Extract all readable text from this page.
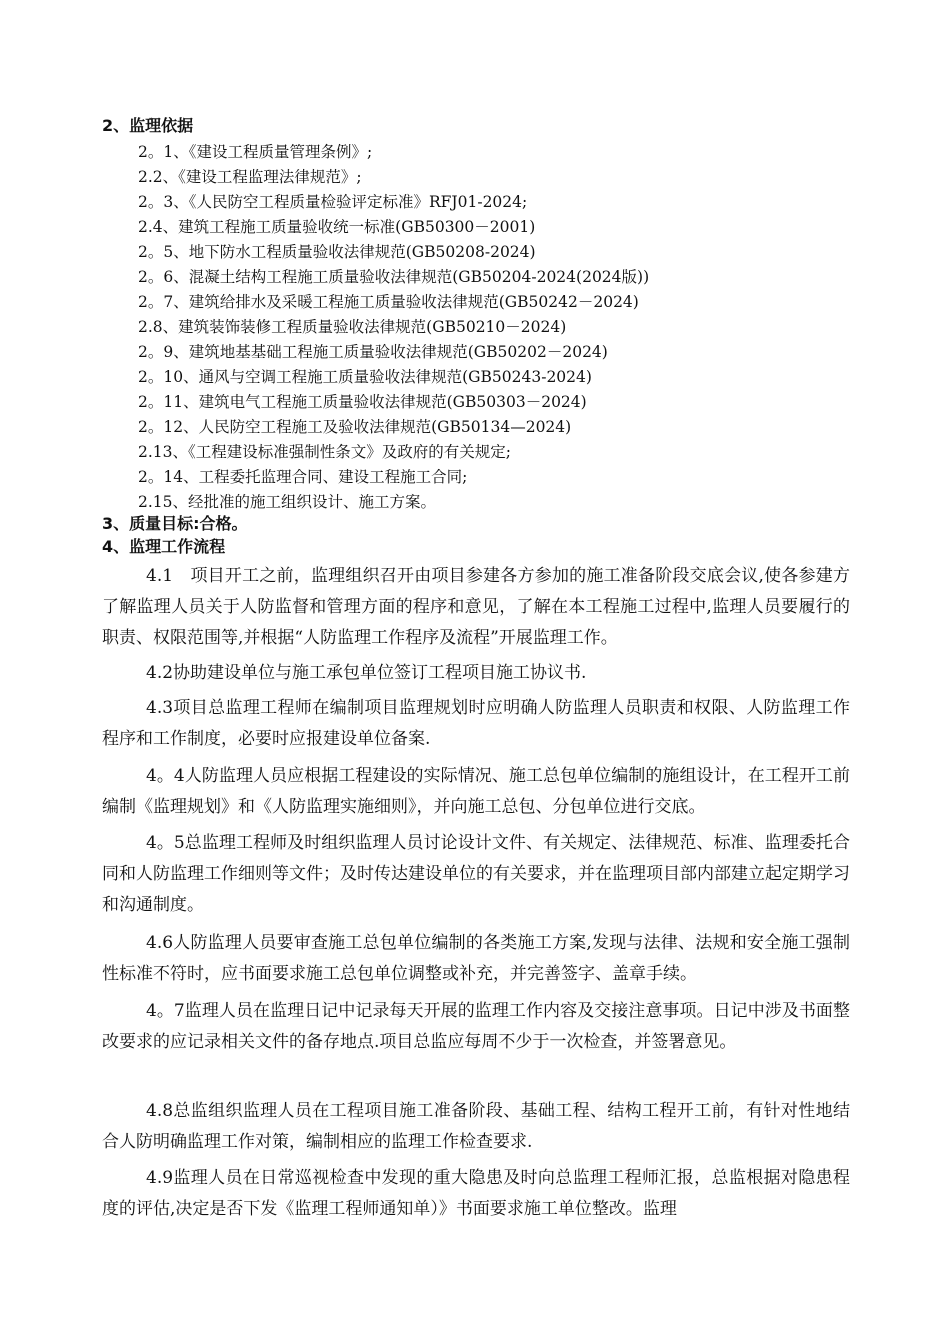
2、监理依据
2。1、《建设工程质量管理条例》;
2.2、《建设工程监理法律规范》;
2。3、《人民防空工程质量检验评定标准》RFJ01-2024;
2.4、建筑工程施工质量验收统一标准(GB50300－2001)
2。5、地下防水工程质量验收法律规范(GB50208-2024)
2。6、混凝土结构工程施工质量验收法律规范(GB50204-2024(2024版))
2。7、建筑给排水及采暖工程施工质量验收法律规范(GB50242－2024)
2.8、建筑装饰装修工程质量验收法律规范(GB50210－2024)
2。9、建筑地基基础工程施工质量验收法律规范(GB50202－2024)
2。10、通风与空调工程施工质量验收法律规范(GB50243-2024)
2。11、建筑电气工程施工质量验收法律规范(GB50303－2024)
2。12、人民防空工程施工及验收法律规范(GB50134—2024)
2.13、《工程建设标准强制性条文》及政府的有关规定;
2。14、工程委托监理合同、建设工程施工合同;
2.15、经批准的施工组织设计、施工方案。
3、质量目标:合格。
4、监理工作流程

4.1　项目开工之前，监理组织召开由项目参建各方参加的施工准备阶段交底会议,使各参建方了解监理人员关于人防监督和管理方面的程序和意见，了解在本工程施工过程中,监理人员要履行的职责、权限范围等,并根据“人防监理工作程序及流程”开展监理工作。

4.2协助建设单位与施工承包单位签订工程项目施工协议书.

4.3项目总监理工程师在编制项目监理规划时应明确人防监理人员职责和权限、人防监理工作程序和工作制度，必要时应报建设单位备案.

4。4人防监理人员应根据工程建设的实际情况、施工总包单位编制的施组设计，在工程开工前编制《监理规划》和《人防监理实施细则》，并向施工总包、分包单位进行交底。

4。5总监理工程师及时组织监理人员讨论设计文件、有关规定、法律规范、标准、监理委托合同和人防监理工作细则等文件；及时传达建设单位的有关要求，并在监理项目部内部建立起定期学习和沟通制度。

4.6人防监理人员要审查施工总包单位编制的各类施工方案,发现与法律、法规和安全施工强制性标准不符时，应书面要求施工总包单位调整或补充，并完善签字、盖章手续。

4。7监理人员在监理日记中记录每天开展的监理工作内容及交接注意事项。日记中涉及书面整改要求的应记录相关文件的备存地点.项目总监应每周不少于一次检查，并签署意见。

4.8总监组织监理人员在工程项目施工准备阶段、基础工程、结构工程开工前，有针对性地结合人防明确监理工作对策，编制相应的监理工作检查要求.

4.9监理人员在日常巡视检查中发现的重大隐患及时向总监理工程师汇报，总监根据对隐患程度的评估,决定是否下发《监理工程师通知单）》书面要求施工单位整改。监理
